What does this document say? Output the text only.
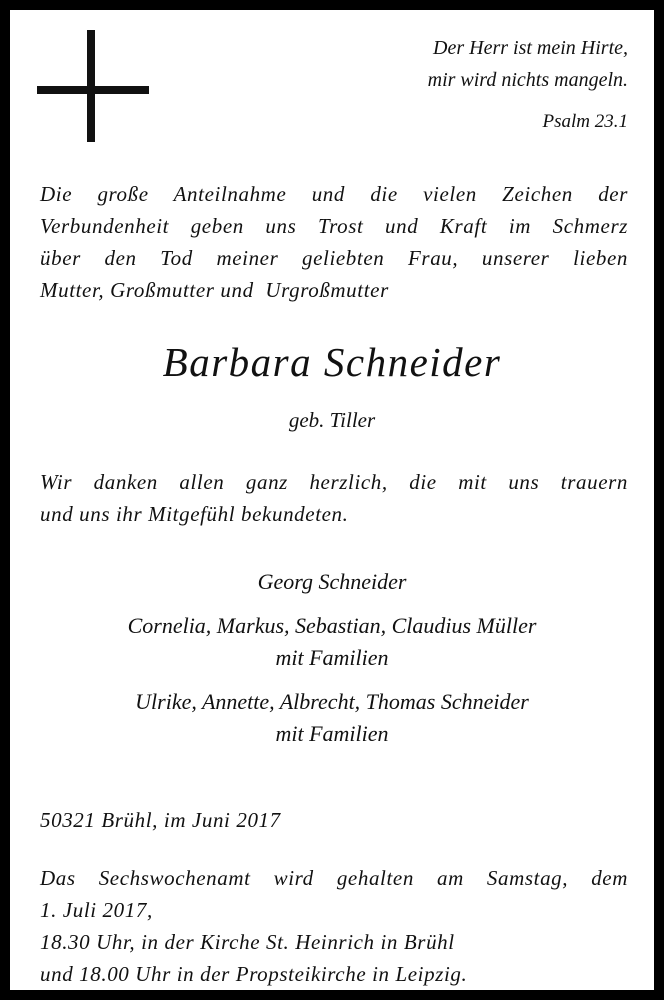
Der Herr ist mein Hirte,
mir wird nichts mangeln.
Psalm 23.1
Die große Anteilnahme und die vielen Zeichen der
Verbundenheit geben uns Trost und Kraft im Schmerz
über den Tod meiner geliebten Frau, unserer lieben
Mutter, Großmutter und  Urgroßmutter
Barbara Schneider
geb. Tiller
Wir danken allen ganz herzlich, die mit uns trauern
und uns ihr Mitgefühl bekundeten.
Georg Schneider
Cornelia, Markus, Sebastian, Claudius Müller
mit Familien
Ulrike, Annette, Albrecht, Thomas Schneider
mit Familien
50321 Brühl, im Juni 2017
Das Sechswochenamt wird gehalten am Samstag, dem
1. Juli 2017,
18.30 Uhr, in der Kirche St. Heinrich in Brühl
und 18.00 Uhr in der Propsteikirche in Leipzig.
